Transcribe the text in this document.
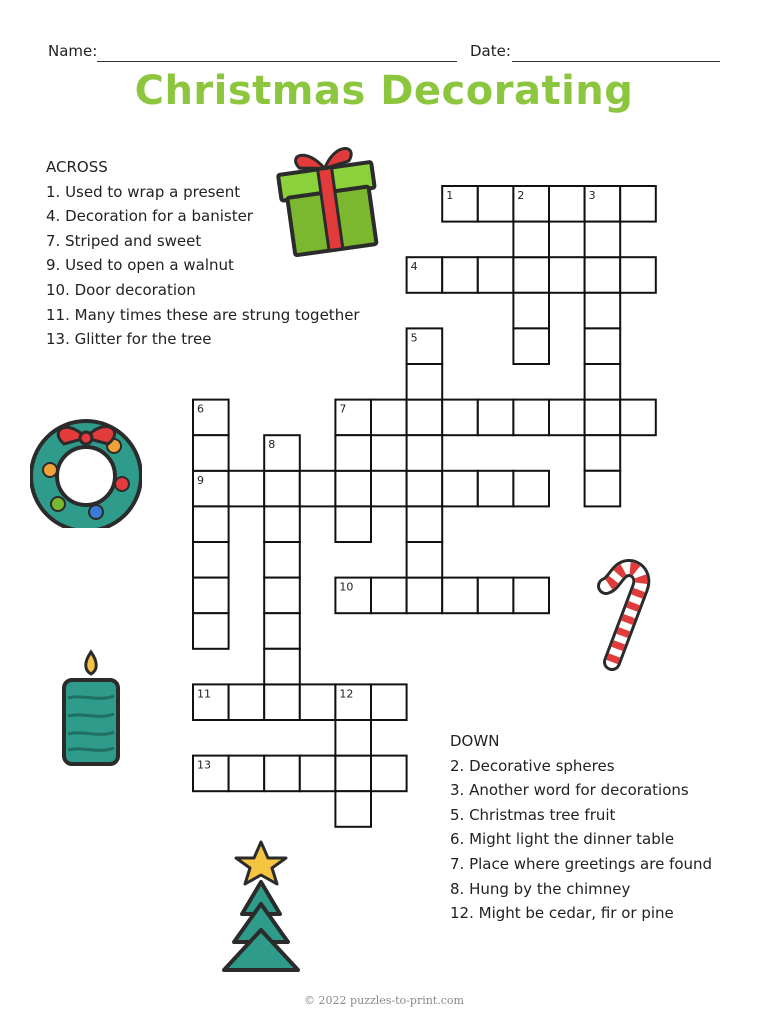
Name:	Date:
Christmas Decorating
ACROSS
1. Used to wrap a present
4. Decoration for a banister
7. Striped and sweet
9. Used to open a walnut
10. Door decoration
11. Many times these are strung together
13. Glitter for the tree
DOWN
2. Decorative spheres
3. Another word for decorations
5. Christmas tree fruit
6. Might light the dinner table
7. Place where greetings are found
8. Hung by the chimney
12. Might be cedar, fir or pine
1
4
7
9
10
11
13
2	3
5
6
8
12
© 2022 puzzles-to-print.com
